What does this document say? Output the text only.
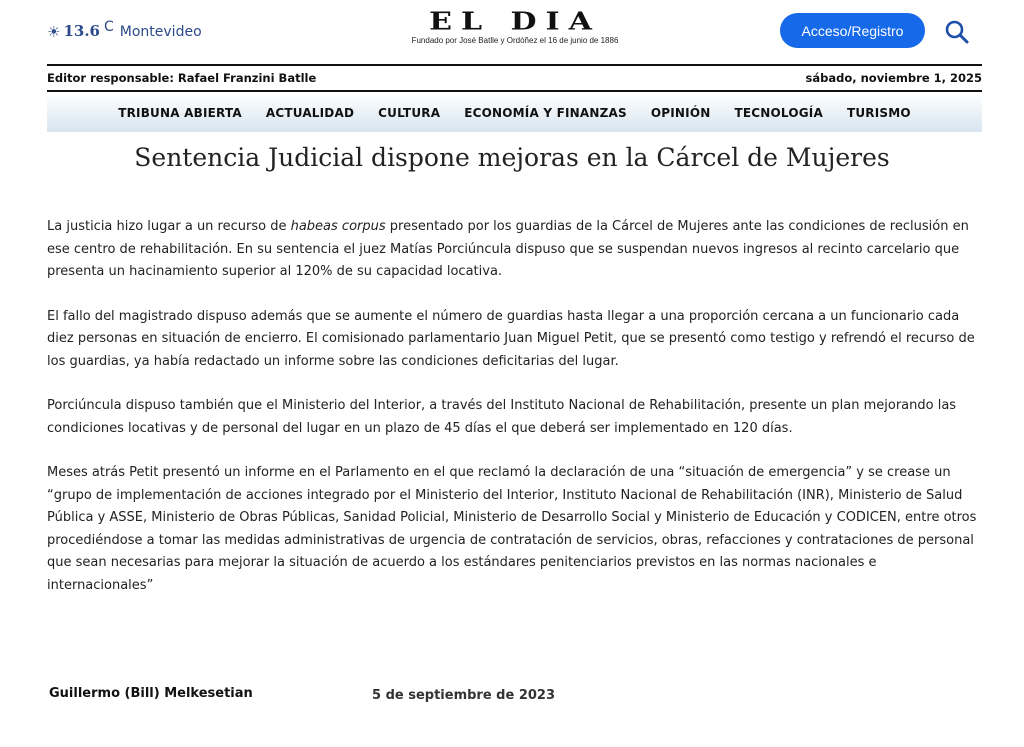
☀ 13.6 C Montevideo	EL DIA
Fundado por José Batlle y Ordóñez el 16 de junio de 1886
Acceso/Registro
Editor responsable: Rafael Franzini Batlle	sábado, noviembre 1, 2025
TRIBUNA ABIERTA	ACTUALIDAD	CULTURA	ECONOMÍA Y FINANZAS	OPINIÓN	TECNOLOGÍA	TURISMO
Sentencia Judicial dispone mejoras en la Cárcel de Mujeres

La justicia hizo lugar a un recurso de habeas corpus presentado por los guardias de la Cárcel de Mujeres ante las condiciones de reclusión en ese centro de rehabilitación. En su sentencia el juez Matías Porciúncula dispuso que se suspendan nuevos ingresos al recinto carcelario que presenta un hacinamiento superior al 120% de su capacidad locativa.

El fallo del magistrado dispuso además que se aumente el número de guardias hasta llegar a una proporción cercana a un funcionario cada diez personas en situación de encierro. El comisionado parlamentario Juan Miguel Petit, que se presentó como testigo y refrendó el recurso de los guardias, ya había redactado un informe sobre las condiciones deficitarias del lugar.

Porciúncula dispuso también que el Ministerio del Interior, a través del Instituto Nacional de Rehabilitación, presente un plan mejorando las condiciones locativas y de personal del lugar en un plazo de 45 días el que deberá ser implementado en 120 días.

Meses atrás Petit presentó un informe en el Parlamento en el que reclamó la declaración de una “situación de emergencia” y se crease un “grupo de implementación de acciones integrado por el Ministerio del Interior, Instituto Nacional de Rehabilitación (INR), Ministerio de Salud Pública y ASSE, Ministerio de Obras Públicas, Sanidad Policial, Ministerio de Desarrollo Social y Ministerio de Educación y CODICEN, entre otros procediéndose a tomar las medidas administrativas de urgencia de contratación de servicios, obras, refacciones y contrataciones de personal que sean necesarias para mejorar la situación de acuerdo a los estándares penitenciarios previstos en las normas nacionales e internacionales”

Guillermo (Bill) Melkesetian	5 de septiembre de 2023
